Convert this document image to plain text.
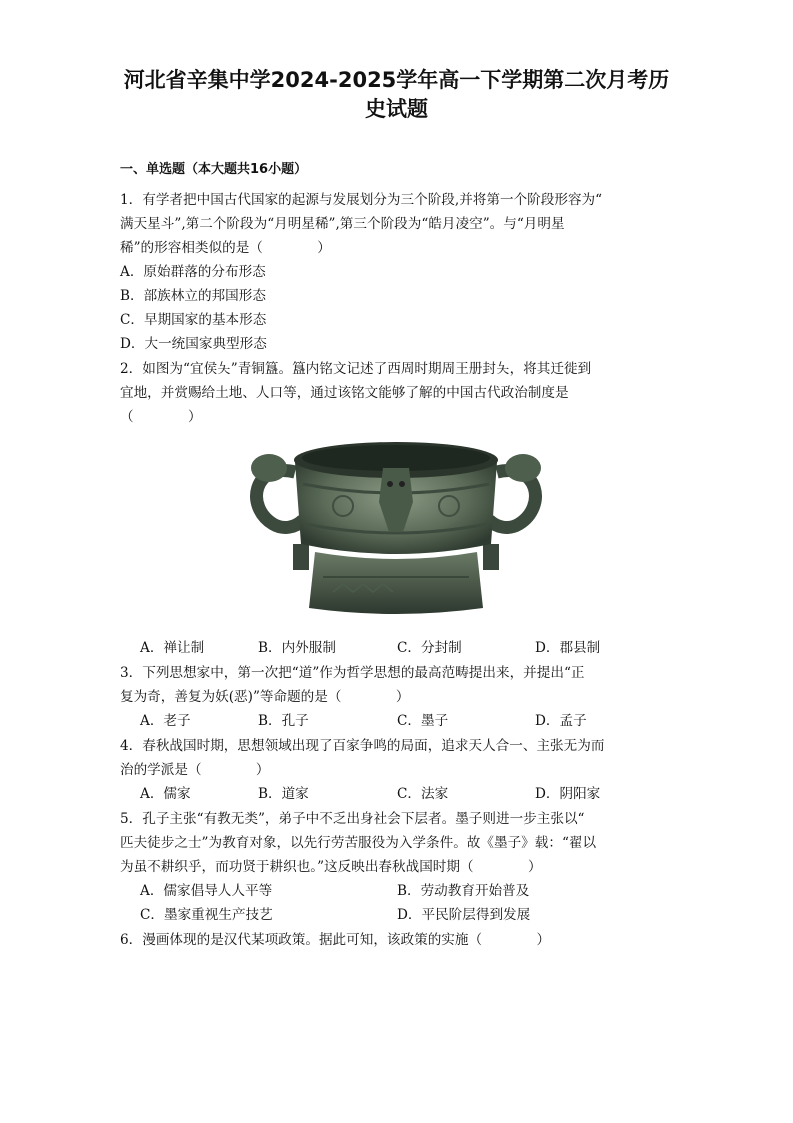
河北省辛集中学2024-2025学年高一下学期第二次月考历
史试题
一、单选题（本大题共16小题）
1．有学者把中国古代国家的起源与发展划分为三个阶段,并将第一个阶段形容为“
满天星斗”,第二个阶段为“月明星稀”,第三个阶段为“皓月凌空”。与“月明星
稀”的形容相类似的是（　　　　）
A．原始群落的分布形态
B．部族林立的邦国形态
C．早期国家的基本形态
D．大一统国家典型形态
2．如图为“宜侯夨”青铜簋。簋内铭文记述了西周时期周王册封夨，将其迁徙到
宜地，并赏赐给土地、人口等，通过该铭文能够了解的中国古代政治制度是
（　　　　）
A．禅让制	B．内外服制	C．分封制	D．郡县制
3．下列思想家中，第一次把“道”作为哲学思想的最高范畴提出来，并提出“正
复为奇，善复为妖(恶)”等命题的是（　　　　）
A．老子	B．孔子	C．墨子	D．孟子
4．春秋战国时期，思想领域出现了百家争鸣的局面，追求天人合一、主张无为而
治的学派是（　　　　）
A．儒家	B．道家	C．法家	D．阴阳家
5．孔子主张“有教无类”，弟子中不乏出身社会下层者。墨子则进一步主张以“
匹夫徒步之士”为教育对象，以先行劳苦服役为入学条件。故《墨子》载：“翟以
为虽不耕织乎，而功贤于耕织也。”这反映出春秋战国时期（　　　　）
A．儒家倡导人人平等	B．劳动教育开始普及
C．墨家重视生产技艺	D．平民阶层得到发展
6．漫画体现的是汉代某项政策。据此可知，该政策的实施（　　　　）
